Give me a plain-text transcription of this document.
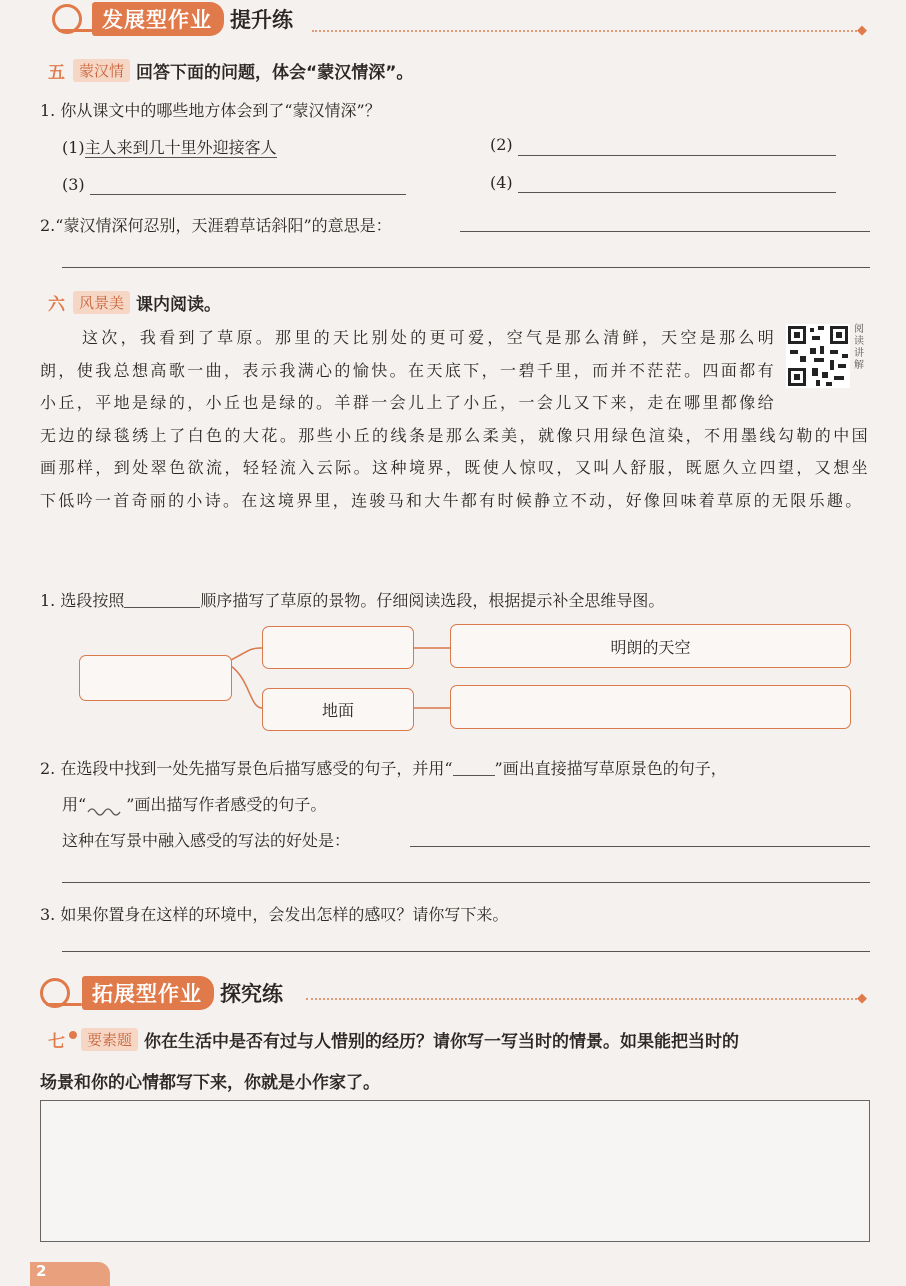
发展型作业 提升练	◆
五 蒙汉情 回答下面的问题，体会“蒙汉情深”。
1. 你从课文中的哪些地方体会到了“蒙汉情深”？
(1)主人来到几十里外迎接客人	(2)
(3)	(4)
2.“蒙汉情深何忍别，天涯碧草话斜阳”的意思是：
六 风景美 课内阅读。
这次，我看到了草原。那里的天比别处的更可爱，空气是那么清鲜，天空是那么明朗，使我总想高歌一曲，表示我满心的愉快。在天底下，一碧千里，而并不茫茫。四面都有小丘，平地是绿的，小丘也是绿的。羊群一会儿上了小丘，一会儿又下来，走在哪里都像给无边的绿毯绣上了白色的大花。那些小丘的线条是那么柔美，就像只用绿色渲染，不用墨线勾勒的中国画那样，到处翠色欲流，轻轻流入云际。这种境界，既使人惊叹，又叫人舒服，既愿久立四望，又想坐下低吟一首奇丽的小诗。在这境界里，连骏马和大牛都有时候静立不动，好像回味着草原的无限乐趣。
阅读讲解
1. 选段按照	顺序描写了草原的景物。仔细阅读选段，根据提示补全思维导图。
地面
明朗的天空
2. 在选段中找到一处先描写景色后描写感受的句子，并用“	”画出直接描写草原景色的句子，
用“	”画出描写作者感受的句子。
这种在写景中融入感受的写法的好处是：
3. 如果你置身在这样的环境中，会发出怎样的感叹？请你写下来。
拓展型作业 探究练	◆
七	要素题 你在生活中是否有过与人惜别的经历？请你写一写当时的情景。如果能把当时的
场景和你的心情都写下来，你就是小作家了。
2
